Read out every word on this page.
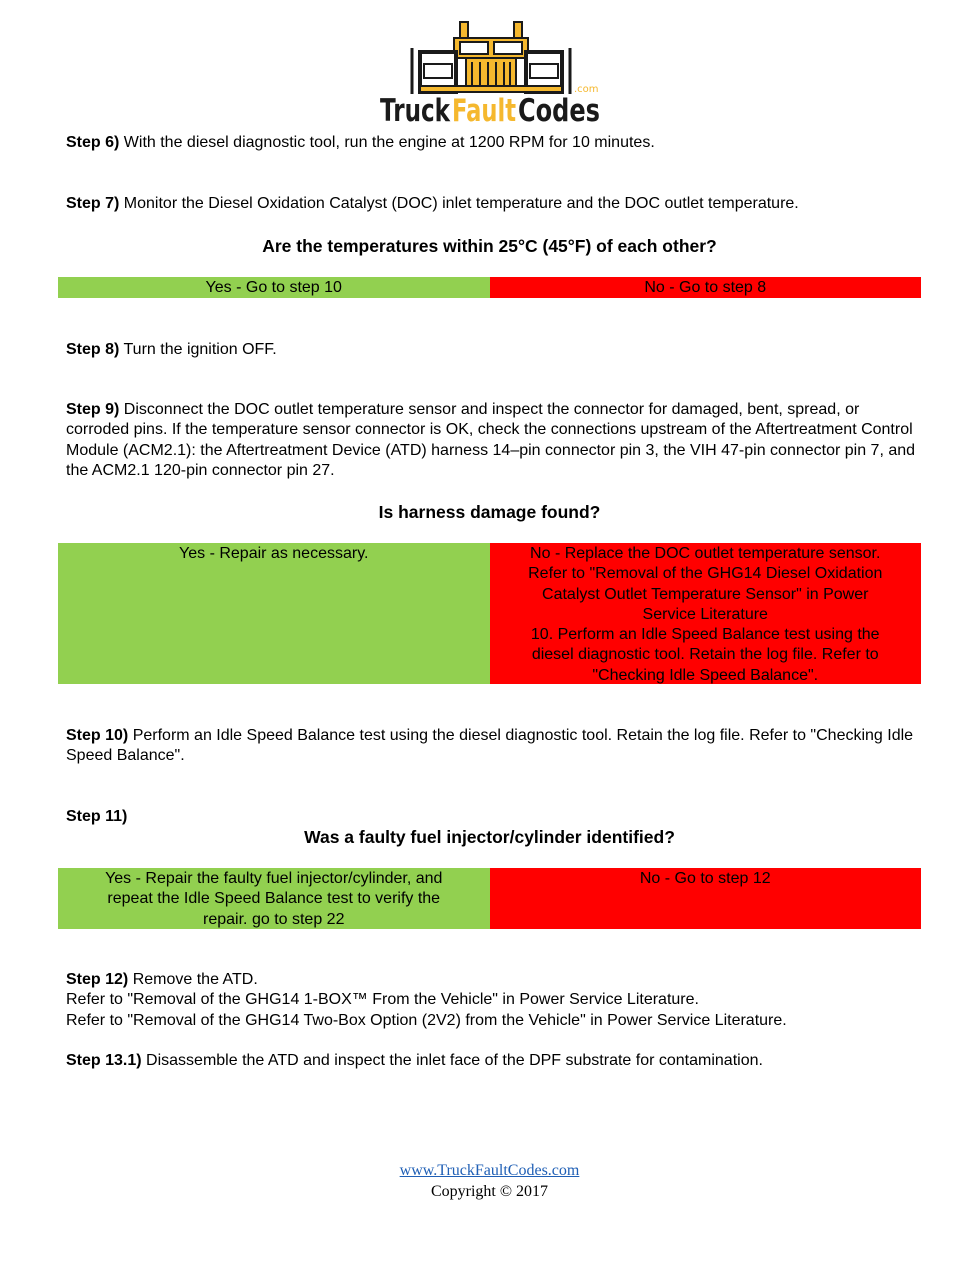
Truck Fault Codes
.com
Step 6) With the diesel diagnostic tool, run the engine at 1200 RPM for 10 minutes.
Step 7) Monitor the Diesel Oxidation Catalyst (DOC) inlet temperature and the DOC outlet temperature.
Are the temperatures within 25°C (45°F) of each other?
Yes - Go to step 10	No - Go to step 8
Step 8) Turn the ignition OFF.
Step 9) Disconnect the DOC outlet temperature sensor and inspect the connector for damaged, bent, spread, or corroded pins. If the temperature sensor connector is OK, check the connections upstream of the Aftertreatment Control Module (ACM2.1): the Aftertreatment Device (ATD) harness 14–pin connector pin 3, the VIH 47-pin connector pin 7, and the ACM2.1 120-pin connector pin 27.
Is harness damage found?
Yes - Repair as necessary.	No - Replace the DOC outlet temperature sensor.
Refer to "Removal of the GHG14 Diesel Oxidation
Catalyst Outlet Temperature Sensor" in Power
Service Literature
10. Perform an Idle Speed Balance test using the
diesel diagnostic tool. Retain the log file. Refer to
"Checking Idle Speed Balance".
Step 10) Perform an Idle Speed Balance test using the diesel diagnostic tool. Retain the log file. Refer to "Checking Idle Speed Balance".
Step 11)
Was a faulty fuel injector/cylinder identified?
Yes - Repair the faulty fuel injector/cylinder, and
repeat the Idle Speed Balance test to verify the
repair. go to step 22
No - Go to step 12
Step 12) Remove the ATD.
Refer to "Removal of the GHG14 1-BOX™ From the Vehicle" in Power Service Literature.
Refer to "Removal of the GHG14 Two-Box Option (2V2) from the Vehicle" in Power Service Literature.
Step 13.1) Disassemble the ATD and inspect the inlet face of the DPF substrate for contamination.
www.TruckFaultCodes.com
Copyright © 2017
